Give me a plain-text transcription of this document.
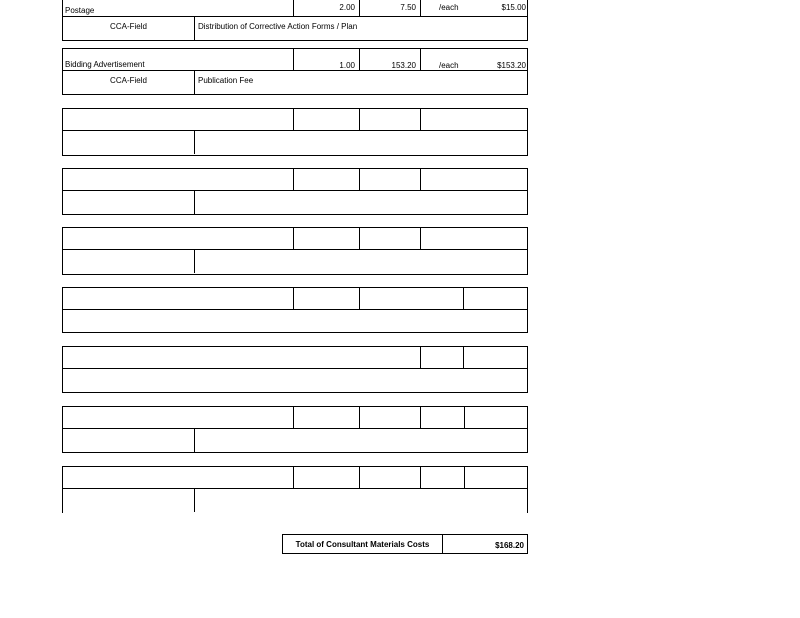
Postage	2.00	7.50	/each	$15.00
CCA-Field	Distribution of Corrective Action Forms / Plan
Bidding Advertisement	1.00	153.20	/each	$153.20
CCA-Field	Publication Fee
Total of Consultant Materials Costs	$168.20
